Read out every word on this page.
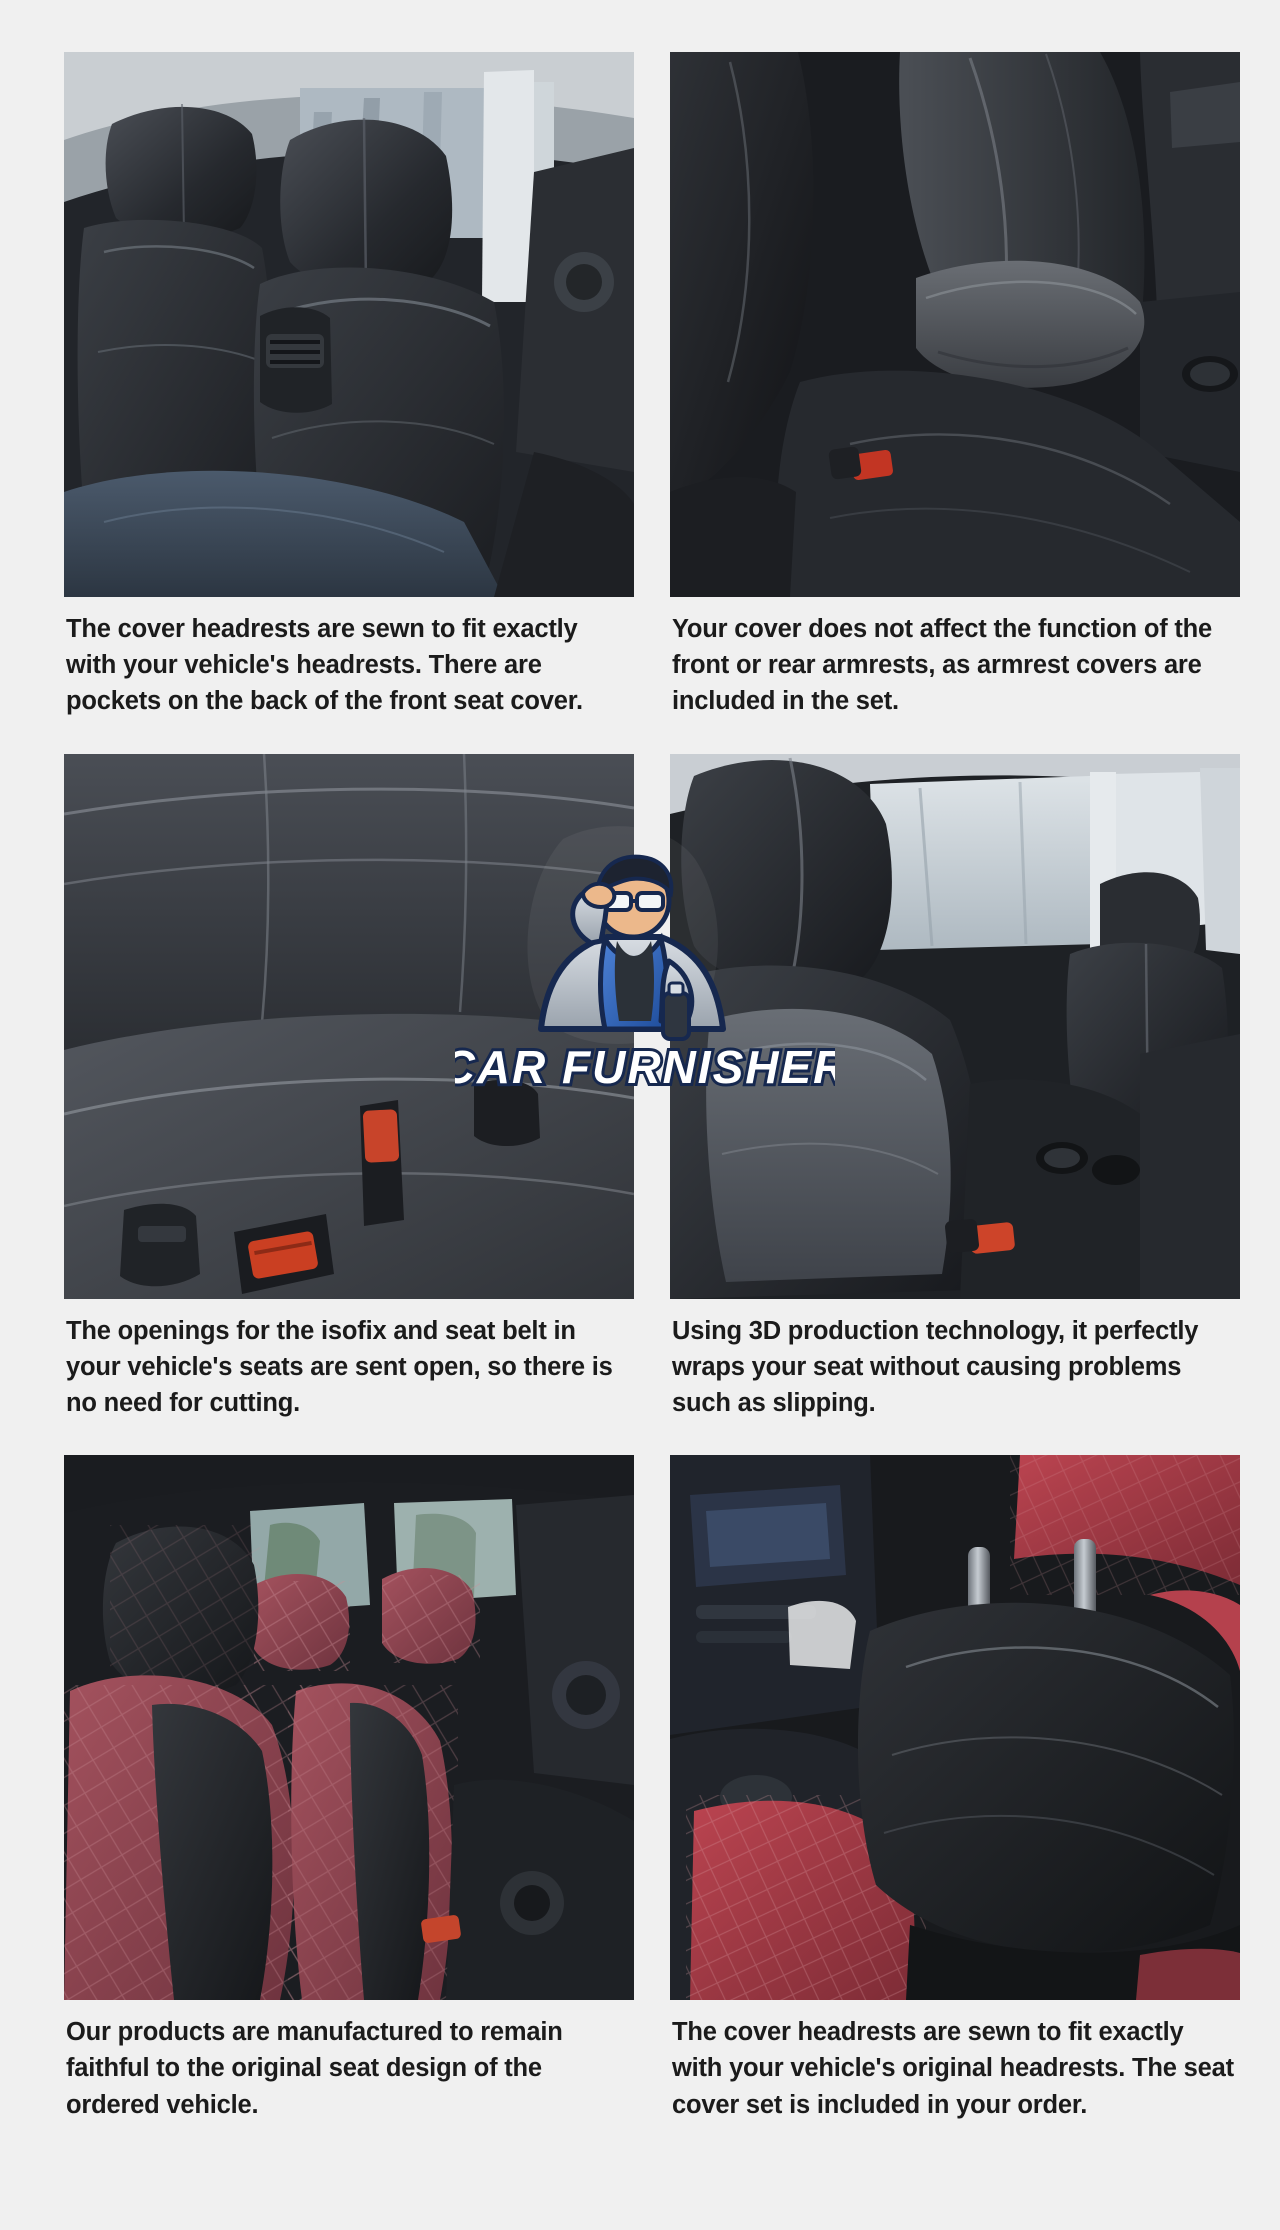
The cover headrests are sewn to fit exactly with your vehicle's headrests. There are pockets on the back of the front seat cover.
Your cover does not affect the function of the front or rear armrests, as armrest covers are included in the set.
The openings for the isofix and seat belt in your vehicle's seats are sent open, so there is no need for cutting.
Using 3D production technology, it perfectly wraps your seat without causing problems such as slipping.
Our products are manufactured to remain faithful to the original seat design of the ordered vehicle.
The cover headrests are sewn to fit exactly with your vehicle's original headrests. The seat cover set is included in your order.
CAR FURNISHER
